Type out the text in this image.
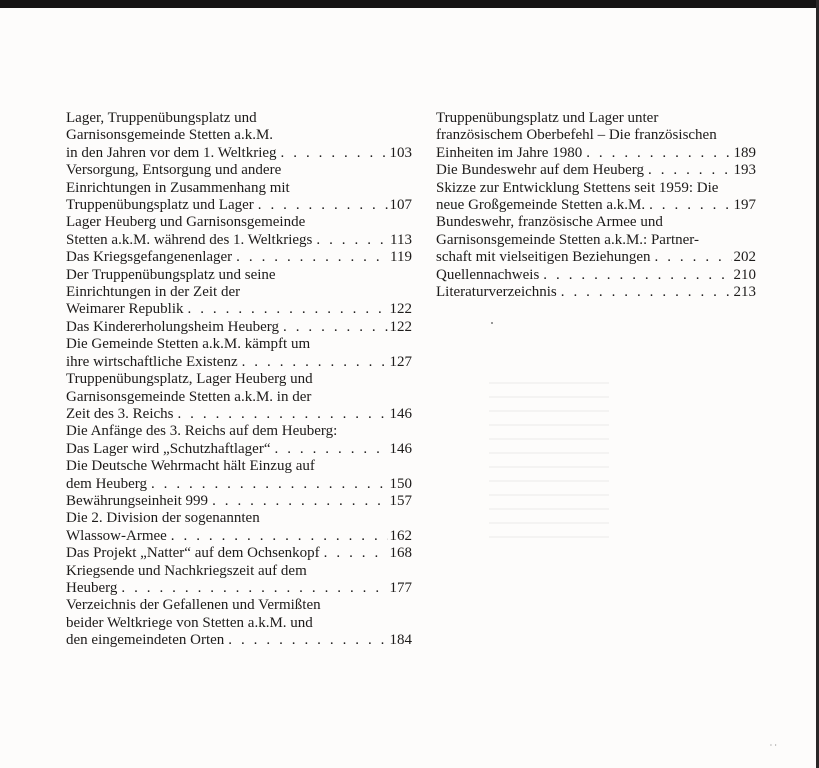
Lager, Truppenübungsplatz und
Garnisonsgemeinde Stetten a.k.M.
in den Jahren vor dem 1. Weltkrieg . . .	103
Versorgung, Entsorgung und andere
Einrichtungen in Zusammenhang mit
Truppenübungsplatz und Lager . . .	107
Lager Heuberg und Garnisonsgemeinde
Stetten a.k.M. während des 1. Weltkriegs . . .	113
Das Kriegsgefangenenlager . . .	119
Der Truppenübungsplatz und seine
Einrichtungen in der Zeit der
Weimarer Republik . . .	122
Das Kindererholungsheim Heuberg . . .	122
Die Gemeinde Stetten a.k.M. kämpft um
ihre wirtschaftliche Existenz . . .	127
Truppenübungsplatz, Lager Heuberg und
Garnisonsgemeinde Stetten a.k.M. in der
Zeit des 3. Reichs . . .	146
Die Anfänge des 3. Reichs auf dem Heuberg:
Das Lager wird „Schutzhaftlager“ . . .	146
Die Deutsche Wehrmacht hält Einzug auf
dem Heuberg . . .	150
Bewährungseinheit 999 . . .	157
Die 2. Division der sogenannten
Wlassow-Armee . . .	162
Das Projekt „Natter“ auf dem Ochsenkopf . . .	168
Kriegsende und Nachkriegszeit auf dem
Heuberg . . .	177
Verzeichnis der Gefallenen und Vermißten
beider Weltkriege von Stetten a.k.M. und
den eingemeindeten Orten . . .	184
Truppenübungsplatz und Lager unter
französischem Oberbefehl – Die französischen
Einheiten im Jahre 1980 . . .	189
Die Bundeswehr auf dem Heuberg . . .	193
Skizze zur Entwicklung Stettens seit 1959: Die
neue Großgemeinde Stetten a.k.M. . . .	197
Bundeswehr, französische Armee und
Garnisonsgemeinde Stetten a.k.M.: Partner-
schaft mit vielseitigen Beziehungen . . .	202
Quellennachweis . . .	210
Literaturverzeichnis . . .	213
· ·
